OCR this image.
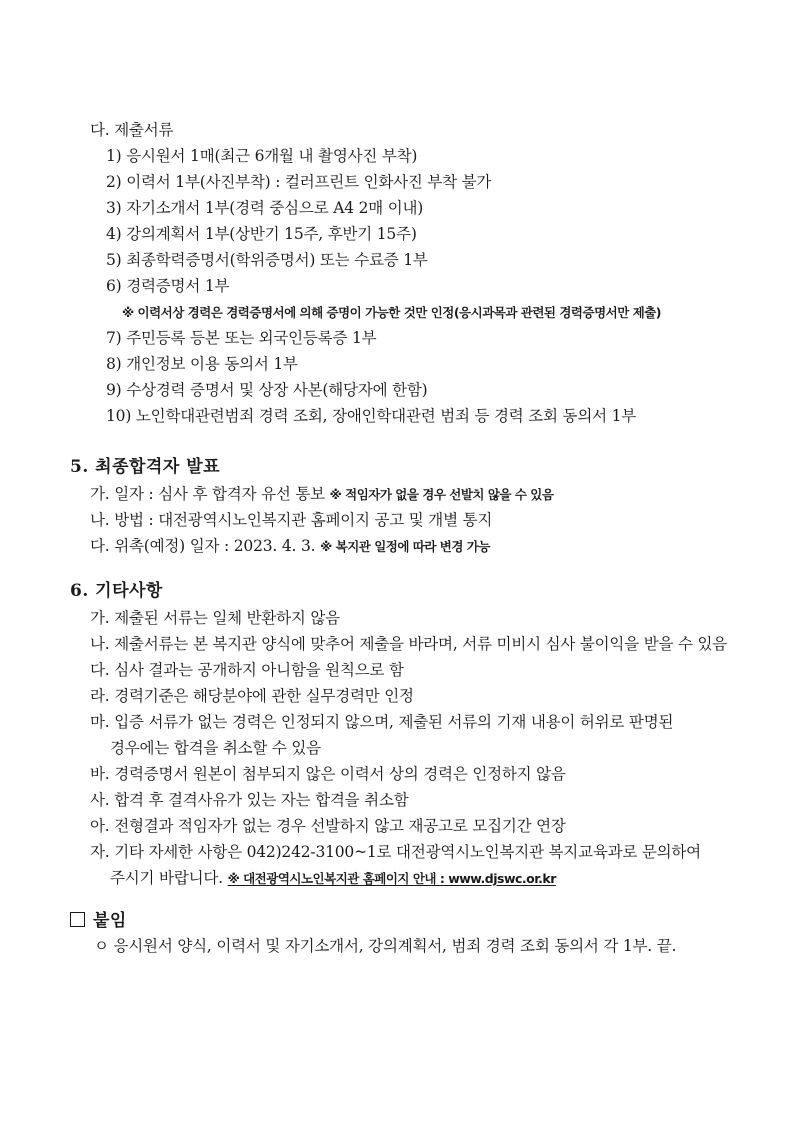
다. 제출서류
1) 응시원서 1매(최근 6개월 내 촬영사진 부착)
2) 이력서 1부(사진부착) : 컬러프린트 인화사진 부착 불가
3) 자기소개서 1부(경력 중심으로 A4 2매 이내)
4) 강의계획서 1부(상반기 15주, 후반기 15주)
5) 최종학력증명서(학위증명서) 또는 수료증 1부
6) 경력증명서 1부
※ 이력서상 경력은 경력증명서에 의해 증명이 가능한 것만 인정(응시과목과 관련된 경력증명서만 제출)
7) 주민등록 등본 또는 외국인등록증 1부
8) 개인정보 이용 동의서 1부
9) 수상경력 증명서 및 상장 사본(해당자에 한함)
10) 노인학대관련범죄 경력 조회, 장애인학대관련 범죄 등 경력 조회 동의서 1부
5. 최종합격자 발표
가. 일자 : 심사 후 합격자 유선 통보 ※ 적임자가 없을 경우 선발치 않을 수 있음
나. 방법 : 대전광역시노인복지관 홈페이지 공고 및 개별 통지
다. 위촉(예정) 일자 : 2023. 4. 3. ※ 복지관 일정에 따라 변경 가능
6. 기타사항
가. 제출된 서류는 일체 반환하지 않음
나. 제출서류는 본 복지관 양식에 맞추어 제출을 바라며, 서류 미비시 심사 불이익을 받을 수 있음
다. 심사 결과는 공개하지 아니함을 원칙으로 함
라. 경력기준은 해당분야에 관한 실무경력만 인정
마. 입증 서류가 없는 경력은 인정되지 않으며, 제출된 서류의 기재 내용이 허위로 판명된
경우에는 합격을 취소할 수 있음
바. 경력증명서 원본이 첨부되지 않은 이력서 상의 경력은 인정하지 않음
사. 합격 후 결격사유가 있는 자는 합격을 취소함
아. 전형결과 적임자가 없는 경우 선발하지 않고 재공고로 모집기간 연장
자. 기타 자세한 사항은 042)242-3100~1로 대전광역시노인복지관 복지교육과로 문의하여
주시기 바랍니다. ※ 대전광역시노인복지관 홈페이지 안내 : www.djswc.or.kr
붙임
ㅇ 응시원서 양식, 이력서 및 자기소개서, 강의계획서, 범죄 경력 조회 동의서 각 1부. 끝.
